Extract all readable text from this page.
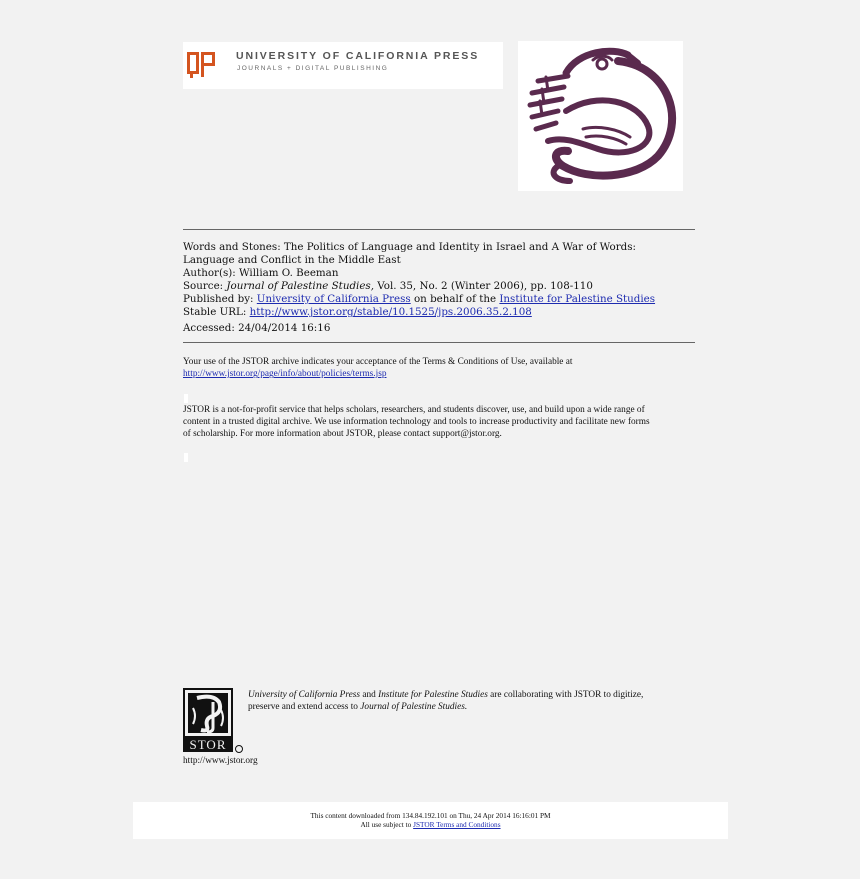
UNIVERSITY OF CALIFORNIA PRESS
JOURNALS + DIGITAL PUBLISHING
Words and Stones: The Politics of Language and Identity in Israel and A War of Words:
Language and Conflict in the Middle East
Author(s): William O. Beeman
Source: Journal of Palestine Studies, Vol. 35, No. 2 (Winter 2006), pp. 108-110
Published by: University of California Press on behalf of the Institute for Palestine Studies
Stable URL: http://www.jstor.org/stable/10.1525/jps.2006.35.2.108
Accessed: 24/04/2014 16:16
Your use of the JSTOR archive indicates your acceptance of the Terms & Conditions of Use, available at
http://www.jstor.org/page/info/about/policies/terms.jsp
JSTOR is a not-for-profit service that helps scholars, researchers, and students discover, use, and build upon a wide range of
content in a trusted digital archive. We use information technology and tools to increase productivity and facilitate new forms
of scholarship. For more information about JSTOR, please contact support@jstor.org.
STOR
http://www.jstor.org
University of California Press and Institute for Palestine Studies are collaborating with JSTOR to digitize,
preserve and extend access to Journal of Palestine Studies.
This content downloaded from 134.84.192.101 on Thu, 24 Apr 2014 16:16:01 PM
All use subject to JSTOR Terms and Conditions
